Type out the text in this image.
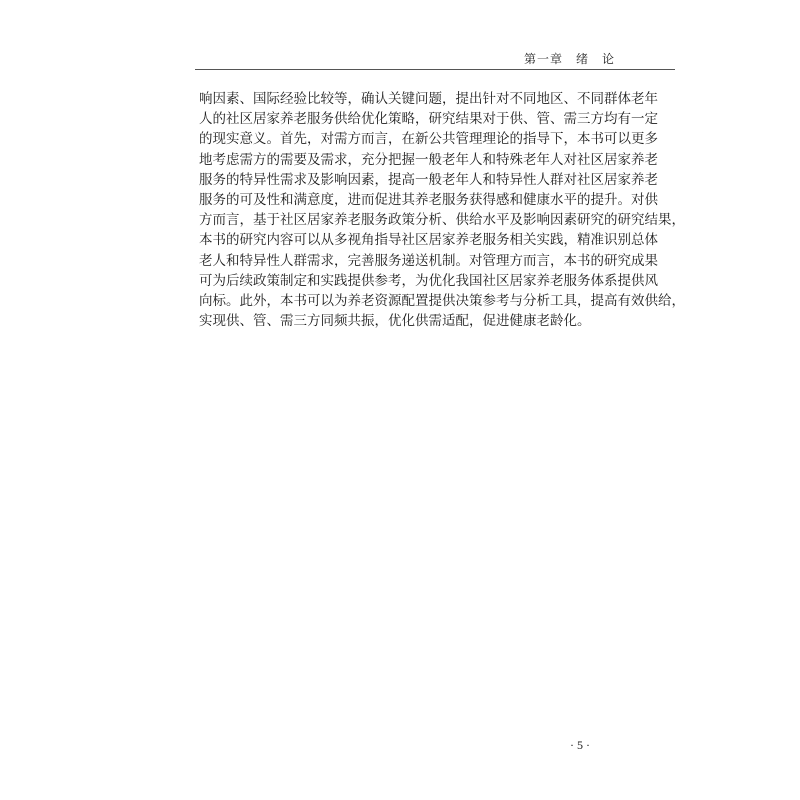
第一章　绪　论
响因素、国际经验比较等，确认关键问题，提出针对不同地区、不同群体老年
人的社区居家养老服务供给优化策略，研究结果对于供、管、需三方均有一定
的现实意义。首先，对需方而言，在新公共管理理论的指导下，本书可以更多
地考虑需方的需要及需求，充分把握一般老年人和特殊老年人对社区居家养老
服务的特异性需求及影响因素，提高一般老年人和特异性人群对社区居家养老
服务的可及性和满意度，进而促进其养老服务获得感和健康水平的提升。对供
方而言，基于社区居家养老服务政策分析、供给水平及影响因素研究的研究结果，
本书的研究内容可以从多视角指导社区居家养老服务相关实践，精准识别总体
老人和特异性人群需求，完善服务递送机制。对管理方而言，本书的研究成果
可为后续政策制定和实践提供参考，为优化我国社区居家养老服务体系提供风
向标。此外，本书可以为养老资源配置提供决策参考与分析工具，提高有效供给，
实现供、管、需三方同频共振，优化供需适配，促进健康老龄化。
· 5 ·
